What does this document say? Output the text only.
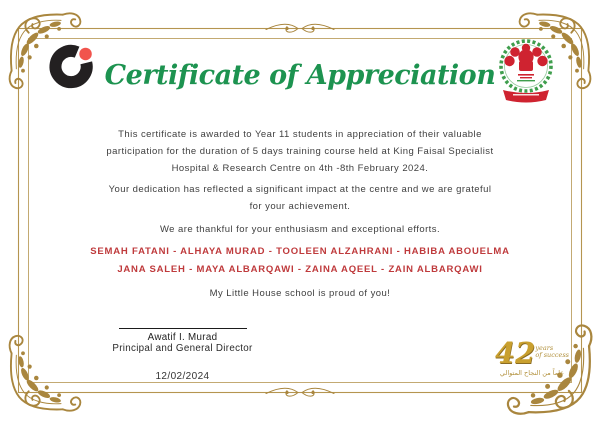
Certificate of Appreciation
This certificate is awarded to Year 11 students in appreciation of their valuable
participation for the duration of 5 days training course held at King Faisal Specialist
Hospital & Research Centre on 4th -8th February 2024.
Your dedication has reflected a significant impact at the centre and we are grateful
for your achievement.
We are thankful for your enthusiasm and exceptional efforts.
SEMAH FATANI - ALHAYA MURAD - TOOLEEN ALZAHRANI - HABIBA ABOUELMA
JANA SALEH - MAYA ALBARQAWI - ZAINA AQEEL - ZAIN ALBARQAWI
My Little House school is proud of you!
Awatif I. Murad
Principal and General Director
12/02/2024
42years
of success
عاماً من النجاح المتوالي
